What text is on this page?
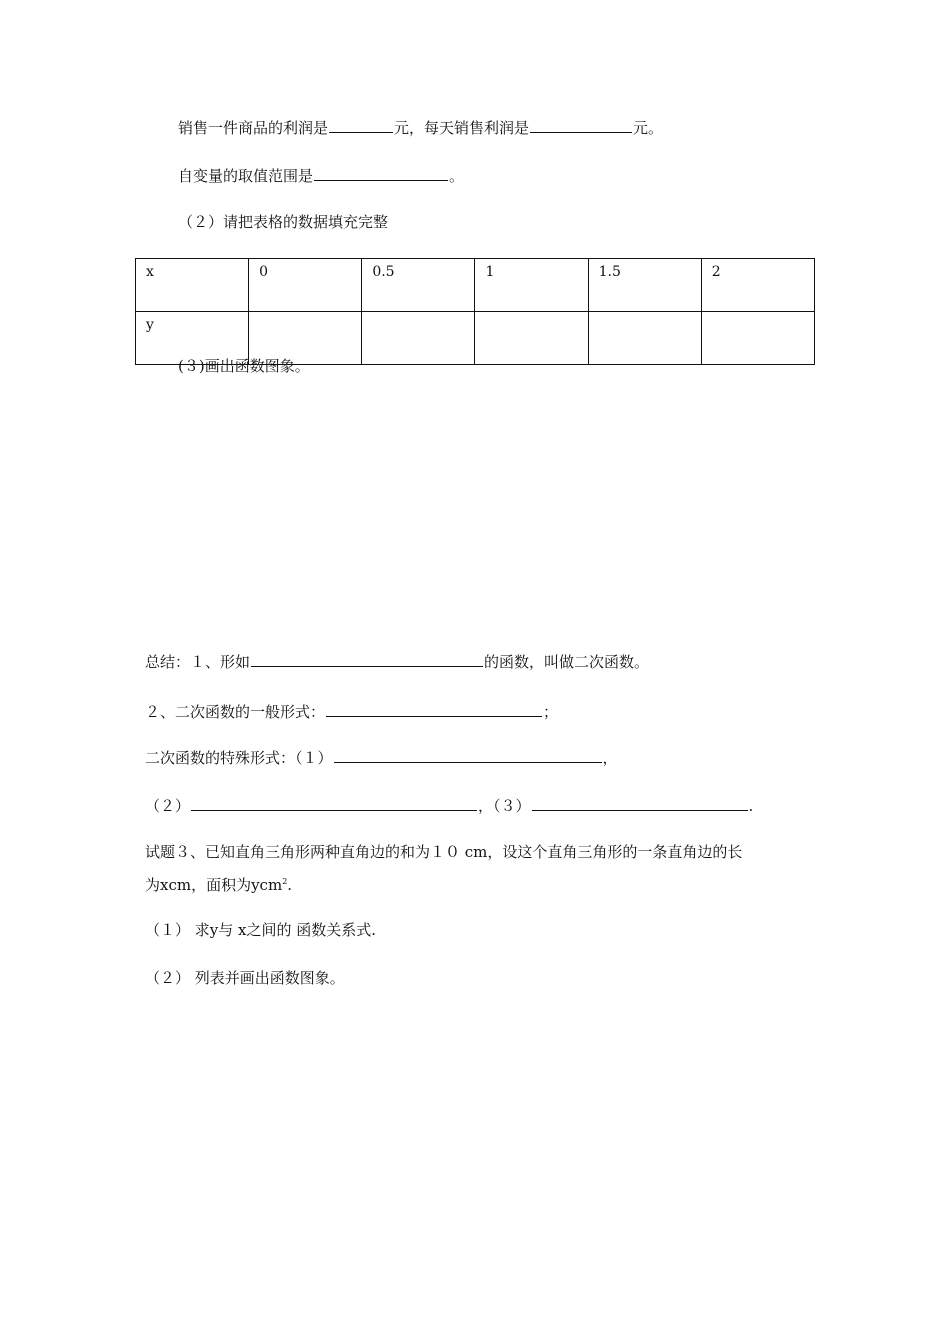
销售一件商品的利润是	元，每天销售利润是	元。
自变量的取值范围是	。
（２）请把表格的数据填充完整
x	0	0.5	1	1.5	2
y					
(３)画出函数图象。
总结：１、形如	的函数，叫做二次函数。
２、二次函数的一般形式：	；
二次函数的特殊形式：（１）	，
（２）	，（３）	.
试题３、已知直角三角形两种直角边的和为１０ cm，设这个直角三角形的一条直角边的长
为xcm，面积为ycm$^2$.
（１） 求y与 x之间的 函数关系式.
（２） 列表并画出函数图象。
